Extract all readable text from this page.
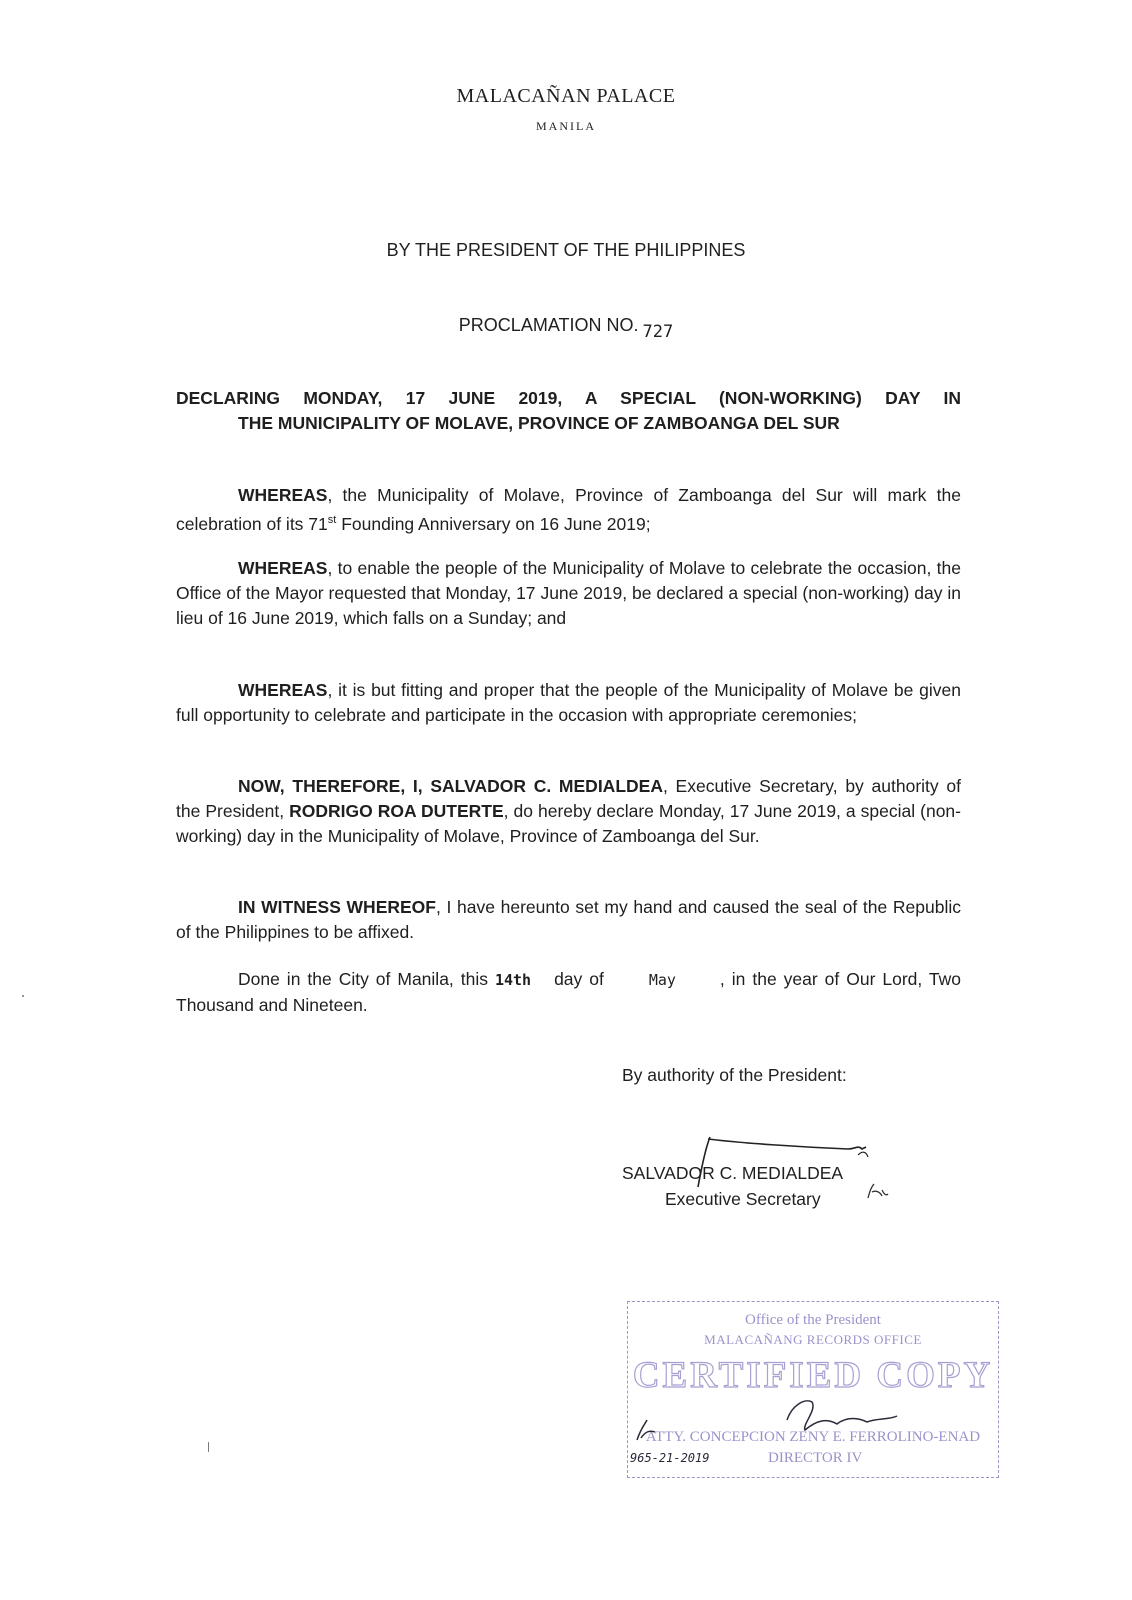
MALACAÑAN PALACE
MANILA
BY THE PRESIDENT OF THE PHILIPPINES
PROCLAMATION NO. 727
DECLARING MONDAY, 17 JUNE 2019, A SPECIAL (NON-WORKING) DAY IN
THE MUNICIPALITY OF MOLAVE, PROVINCE OF ZAMBOANGA DEL SUR
WHEREAS, the Municipality of Molave, Province of Zamboanga del Sur will mark the celebration of its 71st Founding Anniversary on 16 June 2019;
WHEREAS, to enable the people of the Municipality of Molave to celebrate the occasion, the Office of the Mayor requested that Monday, 17 June 2019, be declared a special (non-working) day in lieu of 16 June 2019, which falls on a Sunday; and
WHEREAS, it is but fitting and proper that the people of the Municipality of Molave be given full opportunity to celebrate and participate in the occasion with appropriate ceremonies;
NOW, THEREFORE, I, SALVADOR C. MEDIALDEA, Executive Secretary, by authority of the President, RODRIGO ROA DUTERTE, do hereby declare Monday, 17 June 2019, a special (non-working) day in the Municipality of Molave, Province of Zamboanga del Sur.
IN WITNESS WHEREOF, I have hereunto set my hand and caused the seal of the Republic of the Philippines to be affixed.
Done in the City of Manila, this 14th day of	May	, in the year of Our Lord, Two Thousand and Nineteen.
By authority of the President:
SALVADOR C. MEDIALDEA
Executive Secretary
Office of the President
MALACAÑANG RECORDS OFFICE
CERTIFIED COPY
ATTY. CONCEPCION ZENY E. FERROLINO-ENAD
DIRECTOR IV
965-21-2019
